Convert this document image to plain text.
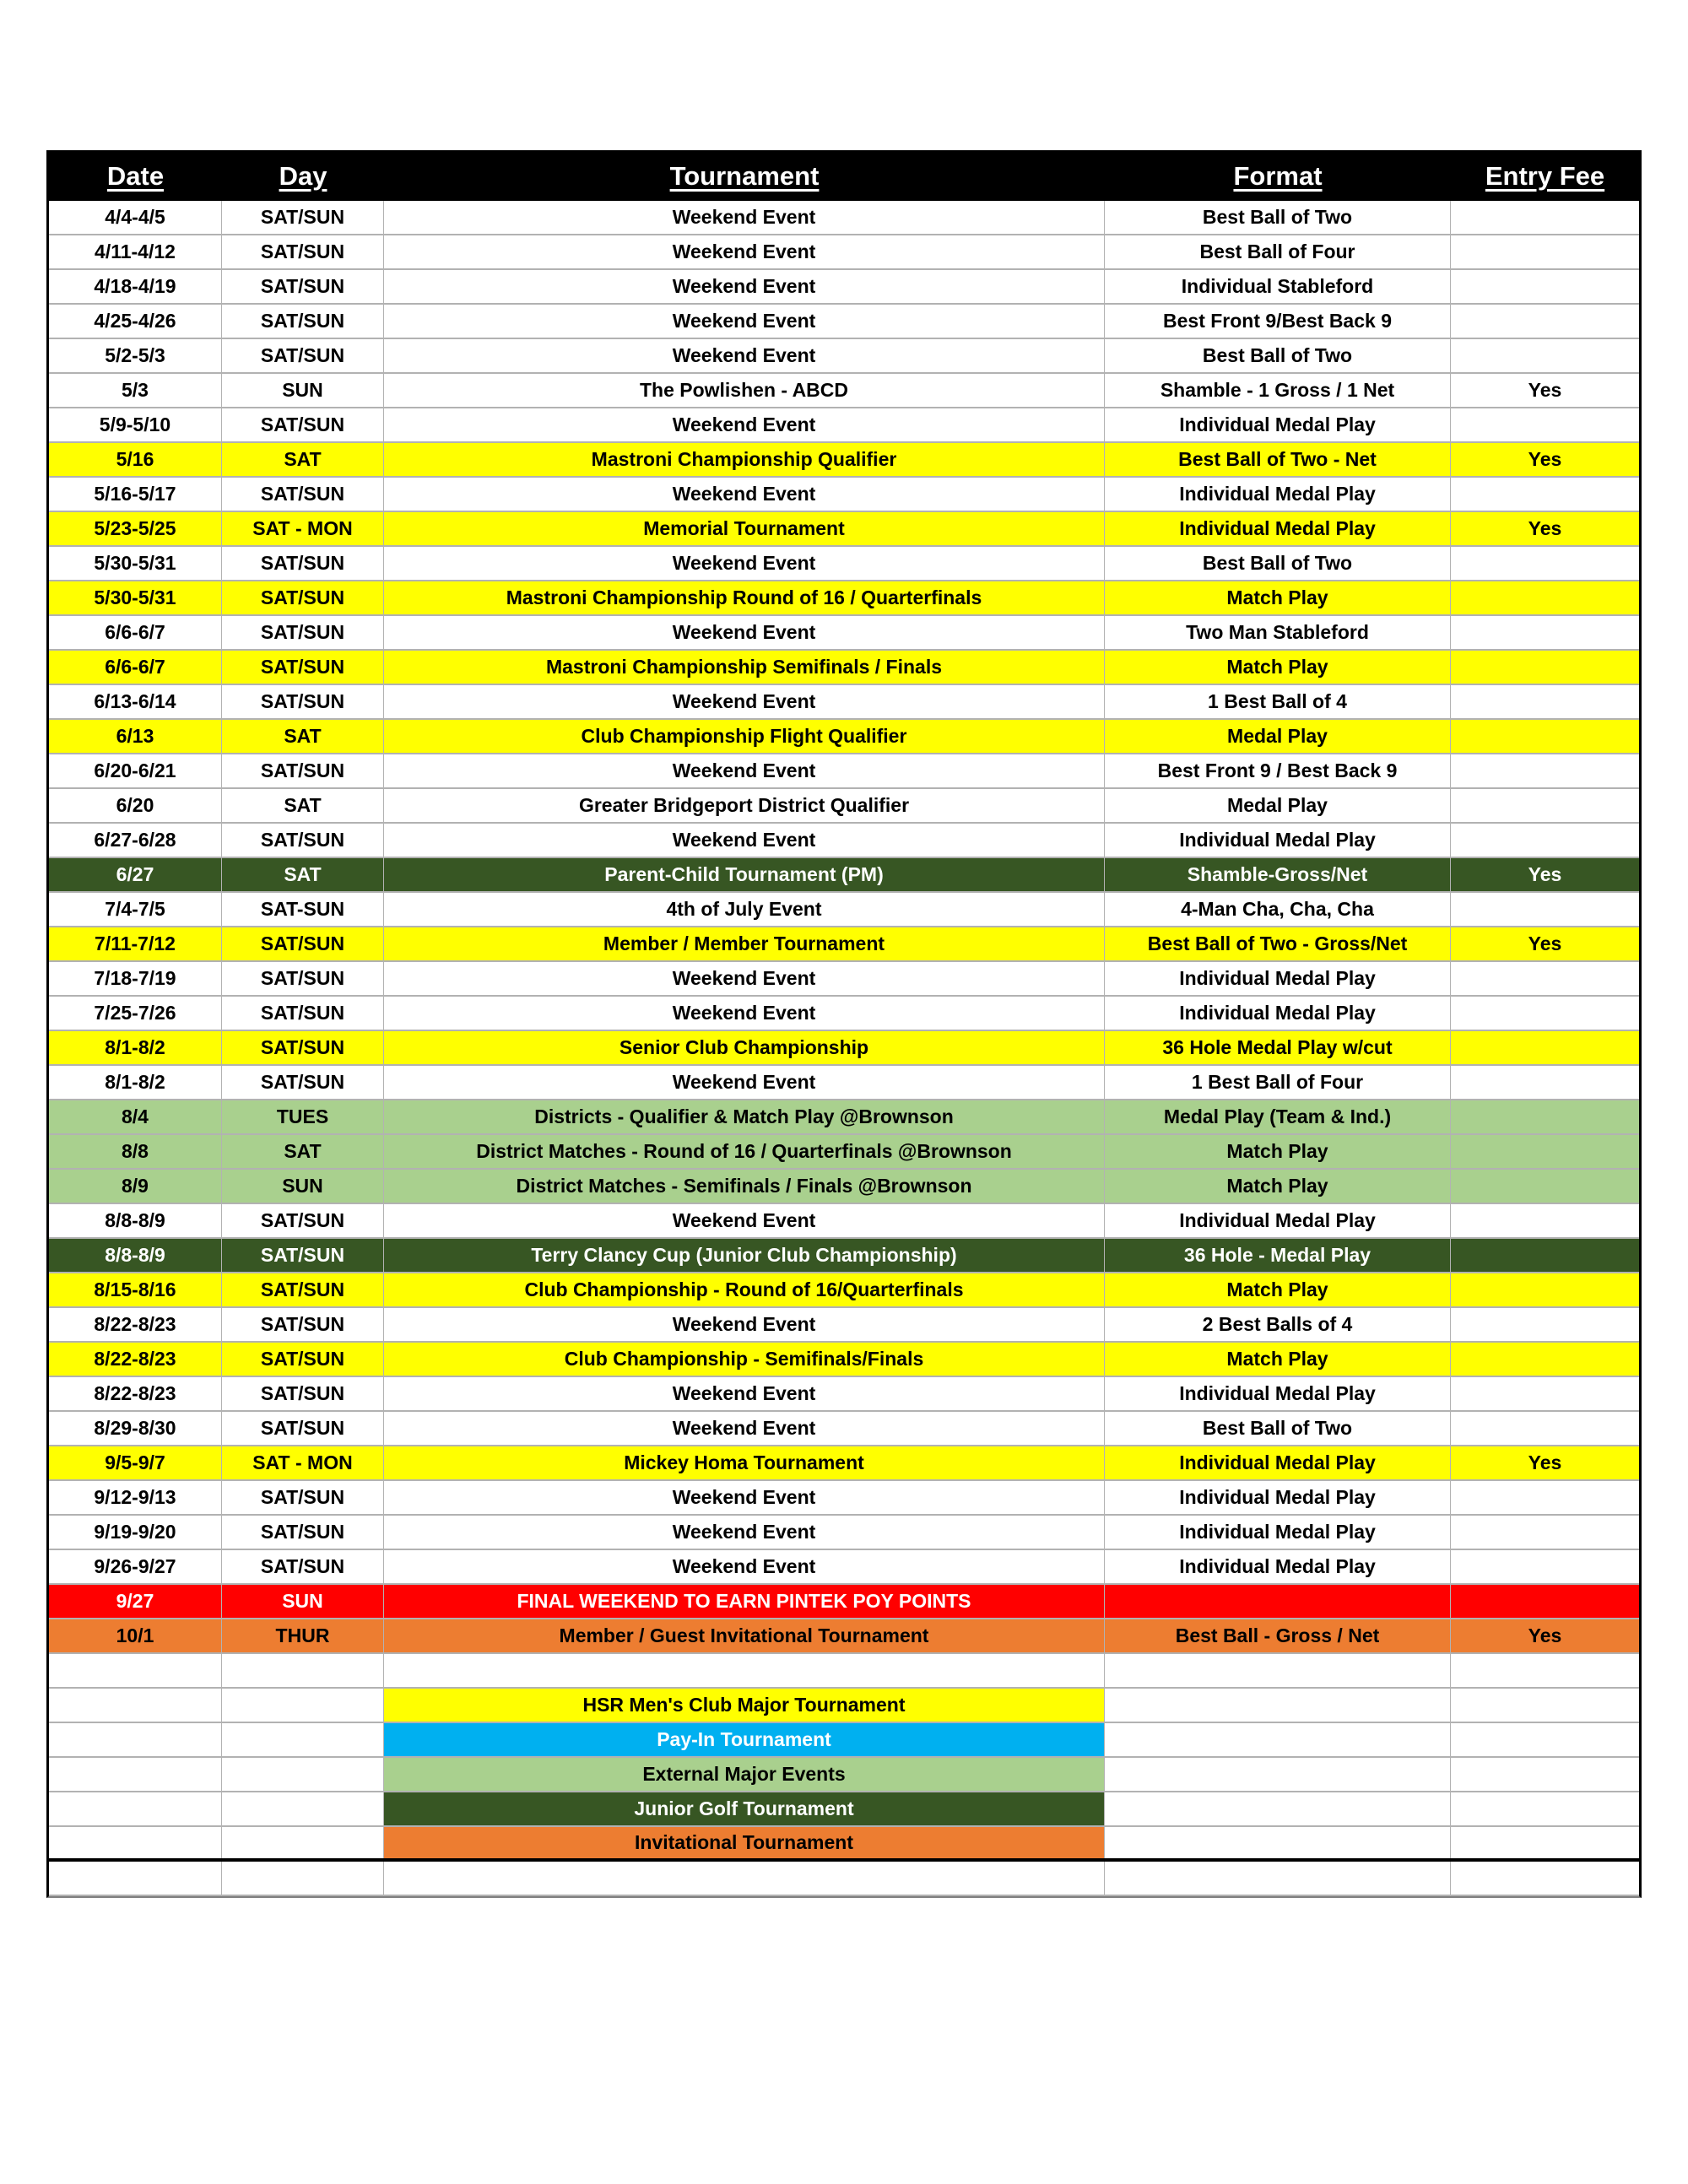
Date	Day	Tournament	Format	Entry Fee
4/4-4/5	SAT/SUN	Weekend Event	Best Ball of Two
4/11-4/12	SAT/SUN	Weekend Event	Best Ball of Four
4/18-4/19	SAT/SUN	Weekend Event	Individual Stableford
4/25-4/26	SAT/SUN	Weekend Event	Best Front 9/Best Back 9
5/2-5/3	SAT/SUN	Weekend Event	Best Ball of Two
5/3	SUN	The Powlishen - ABCD	Shamble - 1 Gross / 1 Net	Yes
5/9-5/10	SAT/SUN	Weekend Event	Individual Medal Play
5/16	SAT	Mastroni Championship Qualifier	Best Ball of Two - Net	Yes
5/16-5/17	SAT/SUN	Weekend Event	Individual Medal Play
5/23-5/25	SAT - MON	Memorial Tournament	Individual Medal Play	Yes
5/30-5/31	SAT/SUN	Weekend Event	Best Ball of Two
5/30-5/31	SAT/SUN	Mastroni Championship Round of 16 / Quarterfinals	Match Play
6/6-6/7	SAT/SUN	Weekend Event	Two Man Stableford
6/6-6/7	SAT/SUN	Mastroni Championship Semifinals / Finals	Match Play
6/13-6/14	SAT/SUN	Weekend Event	1 Best Ball of 4
6/13	SAT	Club Championship Flight Qualifier	Medal Play
6/20-6/21	SAT/SUN	Weekend Event	Best Front 9 / Best Back 9
6/20	SAT	Greater Bridgeport District Qualifier	Medal Play
6/27-6/28	SAT/SUN	Weekend Event	Individual Medal Play
6/27	SAT	Parent-Child Tournament (PM)	Shamble-Gross/Net	Yes
7/4-7/5	SAT-SUN	4th of July Event	4-Man Cha, Cha, Cha
7/11-7/12	SAT/SUN	Member / Member Tournament	Best Ball of Two - Gross/Net	Yes
7/18-7/19	SAT/SUN	Weekend Event	Individual Medal Play
7/25-7/26	SAT/SUN	Weekend Event	Individual Medal Play
8/1-8/2	SAT/SUN	Senior Club Championship	36 Hole Medal Play w/cut
8/1-8/2	SAT/SUN	Weekend Event	1 Best Ball of Four
8/4	TUES	Districts - Qualifier & Match Play @Brownson	Medal Play (Team & Ind.)
8/8	SAT	District Matches - Round of 16 / Quarterfinals @Brownson	Match Play
8/9	SUN	District Matches - Semifinals / Finals @Brownson	Match Play
8/8-8/9	SAT/SUN	Weekend Event	Individual Medal Play
8/8-8/9	SAT/SUN	Terry Clancy Cup (Junior Club Championship)	36 Hole - Medal Play
8/15-8/16	SAT/SUN	Club Championship - Round of 16/Quarterfinals	Match Play
8/22-8/23	SAT/SUN	Weekend Event	2 Best Balls of 4
8/22-8/23	SAT/SUN	Club Championship - Semifinals/Finals	Match Play
8/22-8/23	SAT/SUN	Weekend Event	Individual Medal Play
8/29-8/30	SAT/SUN	Weekend Event	Best Ball of Two
9/5-9/7	SAT - MON	Mickey Homa Tournament	Individual Medal Play	Yes
9/12-9/13	SAT/SUN	Weekend Event	Individual Medal Play
9/19-9/20	SAT/SUN	Weekend Event	Individual Medal Play
9/26-9/27	SAT/SUN	Weekend Event	Individual Medal Play
9/27	SUN	FINAL WEEKEND TO EARN PINTEK POY POINTS
10/1	THUR	Member / Guest Invitational Tournament	Best Ball - Gross / Net	Yes
HSR Men's Club Major Tournament
Pay-In Tournament
External Major Events
Junior Golf Tournament
Invitational Tournament
